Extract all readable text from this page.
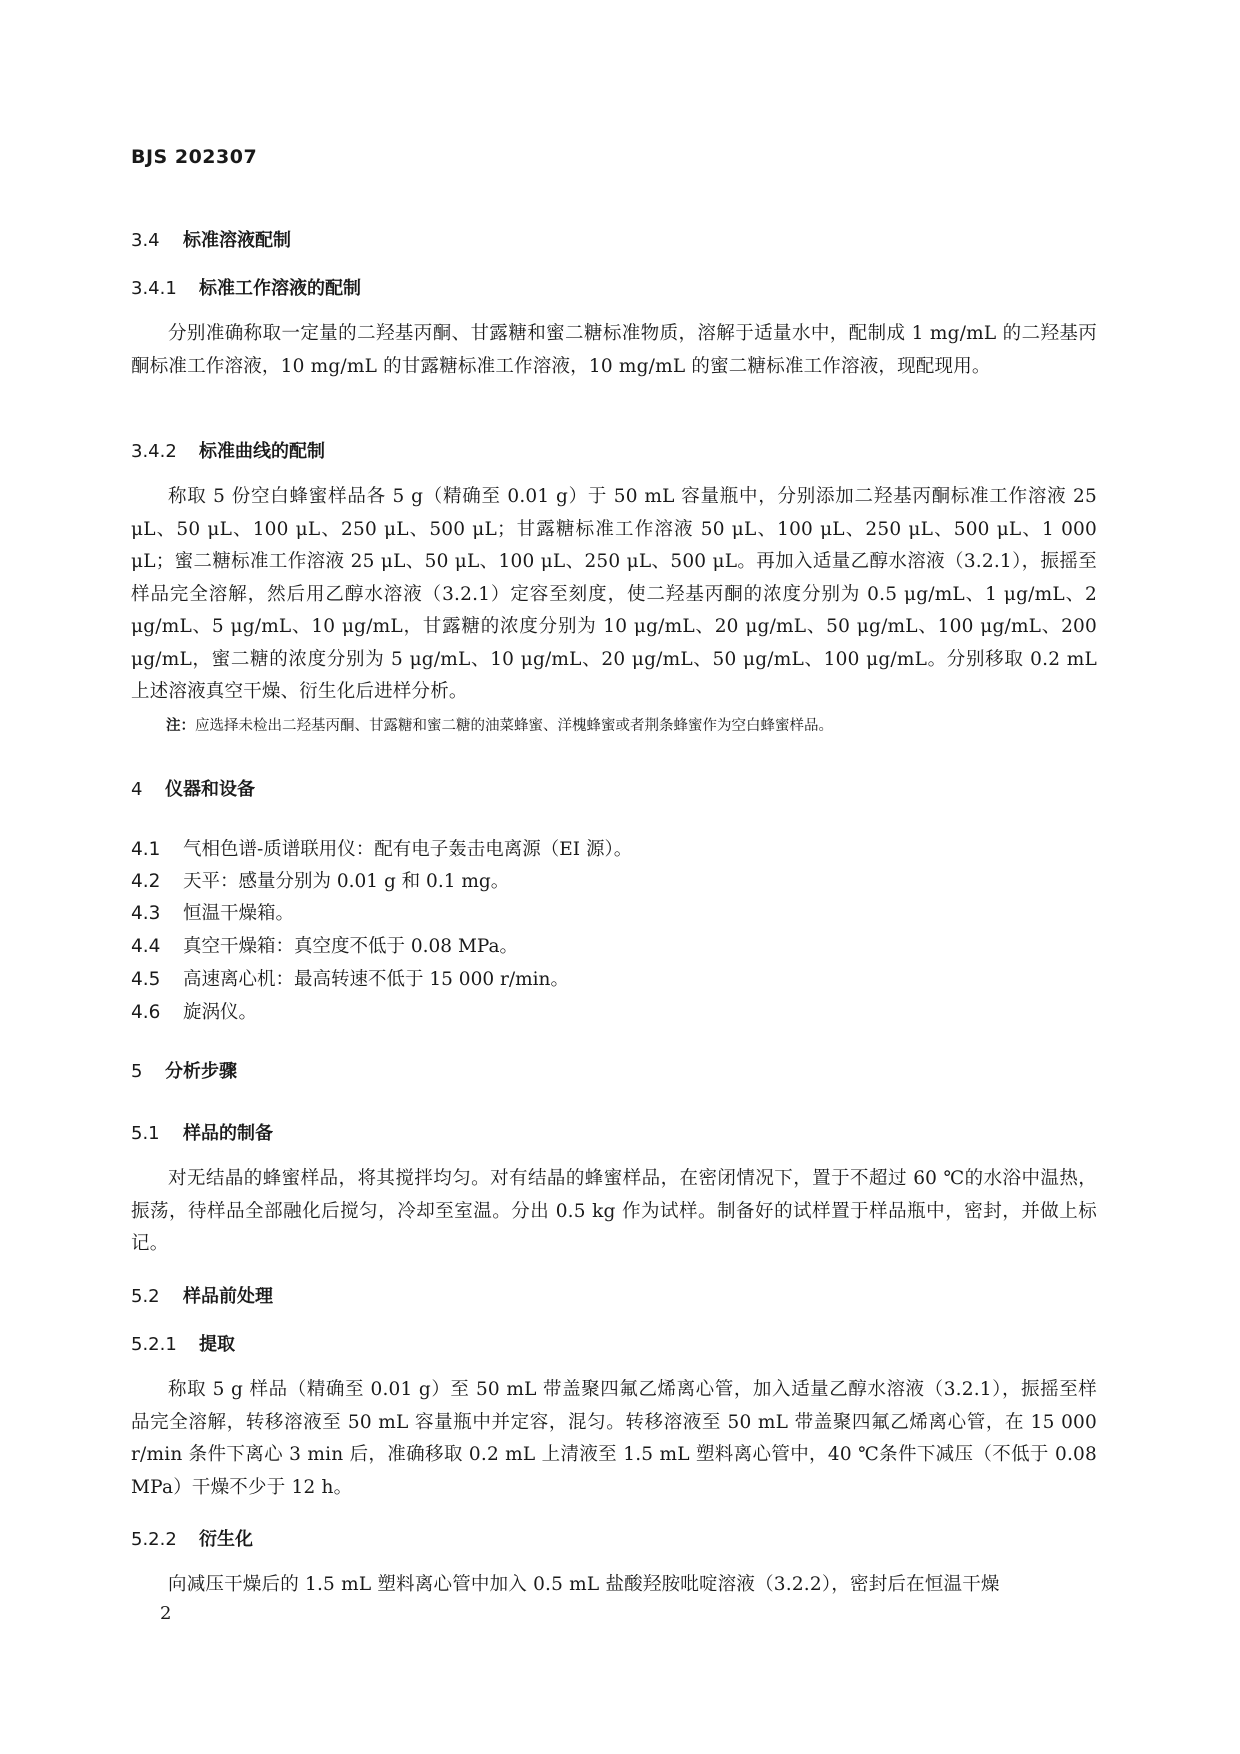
BJS 202307
3.4 标准溶液配制
3.4.1 标准工作溶液的配制
分别准确称取一定量的二羟基丙酮、甘露糖和蜜二糖标准物质，溶解于适量水中，配制成 1 mg/mL 的二羟基丙酮标准工作溶液，10 mg/mL 的甘露糖标准工作溶液，10 mg/mL 的蜜二糖标准工作溶液，现配现用。
3.4.2 标准曲线的配制
称取 5 份空白蜂蜜样品各 5 g（精确至 0.01 g）于 50 mL 容量瓶中，分别添加二羟基丙酮标准工作溶液 25 μL、50 μL、100 μL、250 μL、500 μL；甘露糖标准工作溶液 50 μL、100 μL、250 μL、500 μL、1 000 μL；蜜二糖标准工作溶液 25 μL、50 μL、100 μL、250 μL、500 μL。再加入适量乙醇水溶液（3.2.1），振摇至样品完全溶解，然后用乙醇水溶液（3.2.1）定容至刻度，使二羟基丙酮的浓度分别为 0.5 μg/mL、1 μg/mL、2 μg/mL、5 μg/mL、10 μg/mL，甘露糖的浓度分别为 10 μg/mL、20 μg/mL、50 μg/mL、100 μg/mL、200 μg/mL，蜜二糖的浓度分别为 5 μg/mL、10 μg/mL、20 μg/mL、50 μg/mL、100 μg/mL。分别移取 0.2 mL 上述溶液真空干燥、衍生化后进样分析。
注：应选择未检出二羟基丙酮、甘露糖和蜜二糖的油菜蜂蜜、洋槐蜂蜜或者荆条蜂蜜作为空白蜂蜜样品。
4 仪器和设备
4.1 气相色谱-质谱联用仪：配有电子轰击电离源（EI 源）。
4.2 天平：感量分别为 0.01 g 和 0.1 mg。
4.3 恒温干燥箱。
4.4 真空干燥箱：真空度不低于 0.08 MPa。
4.5 高速离心机：最高转速不低于 15 000 r/min。
4.6 旋涡仪。
5 分析步骤
5.1 样品的制备
对无结晶的蜂蜜样品，将其搅拌均匀。对有结晶的蜂蜜样品，在密闭情况下，置于不超过 60 ℃的水浴中温热，振荡，待样品全部融化后搅匀，冷却至室温。分出 0.5 kg 作为试样。制备好的试样置于样品瓶中，密封，并做上标记。
5.2 样品前处理
5.2.1 提取
称取 5 g 样品（精确至 0.01 g）至 50 mL 带盖聚四氟乙烯离心管，加入适量乙醇水溶液（3.2.1），振摇至样品完全溶解，转移溶液至 50 mL 容量瓶中并定容，混匀。转移溶液至 50 mL 带盖聚四氟乙烯离心管，在 15 000 r/min 条件下离心 3 min 后，准确移取 0.2 mL 上清液至 1.5 mL 塑料离心管中，40 ℃条件下减压（不低于 0.08 MPa）干燥不少于 12 h。
5.2.2 衍生化
向减压干燥后的 1.5 mL 塑料离心管中加入 0.5 mL 盐酸羟胺吡啶溶液（3.2.2），密封后在恒温干燥
2
